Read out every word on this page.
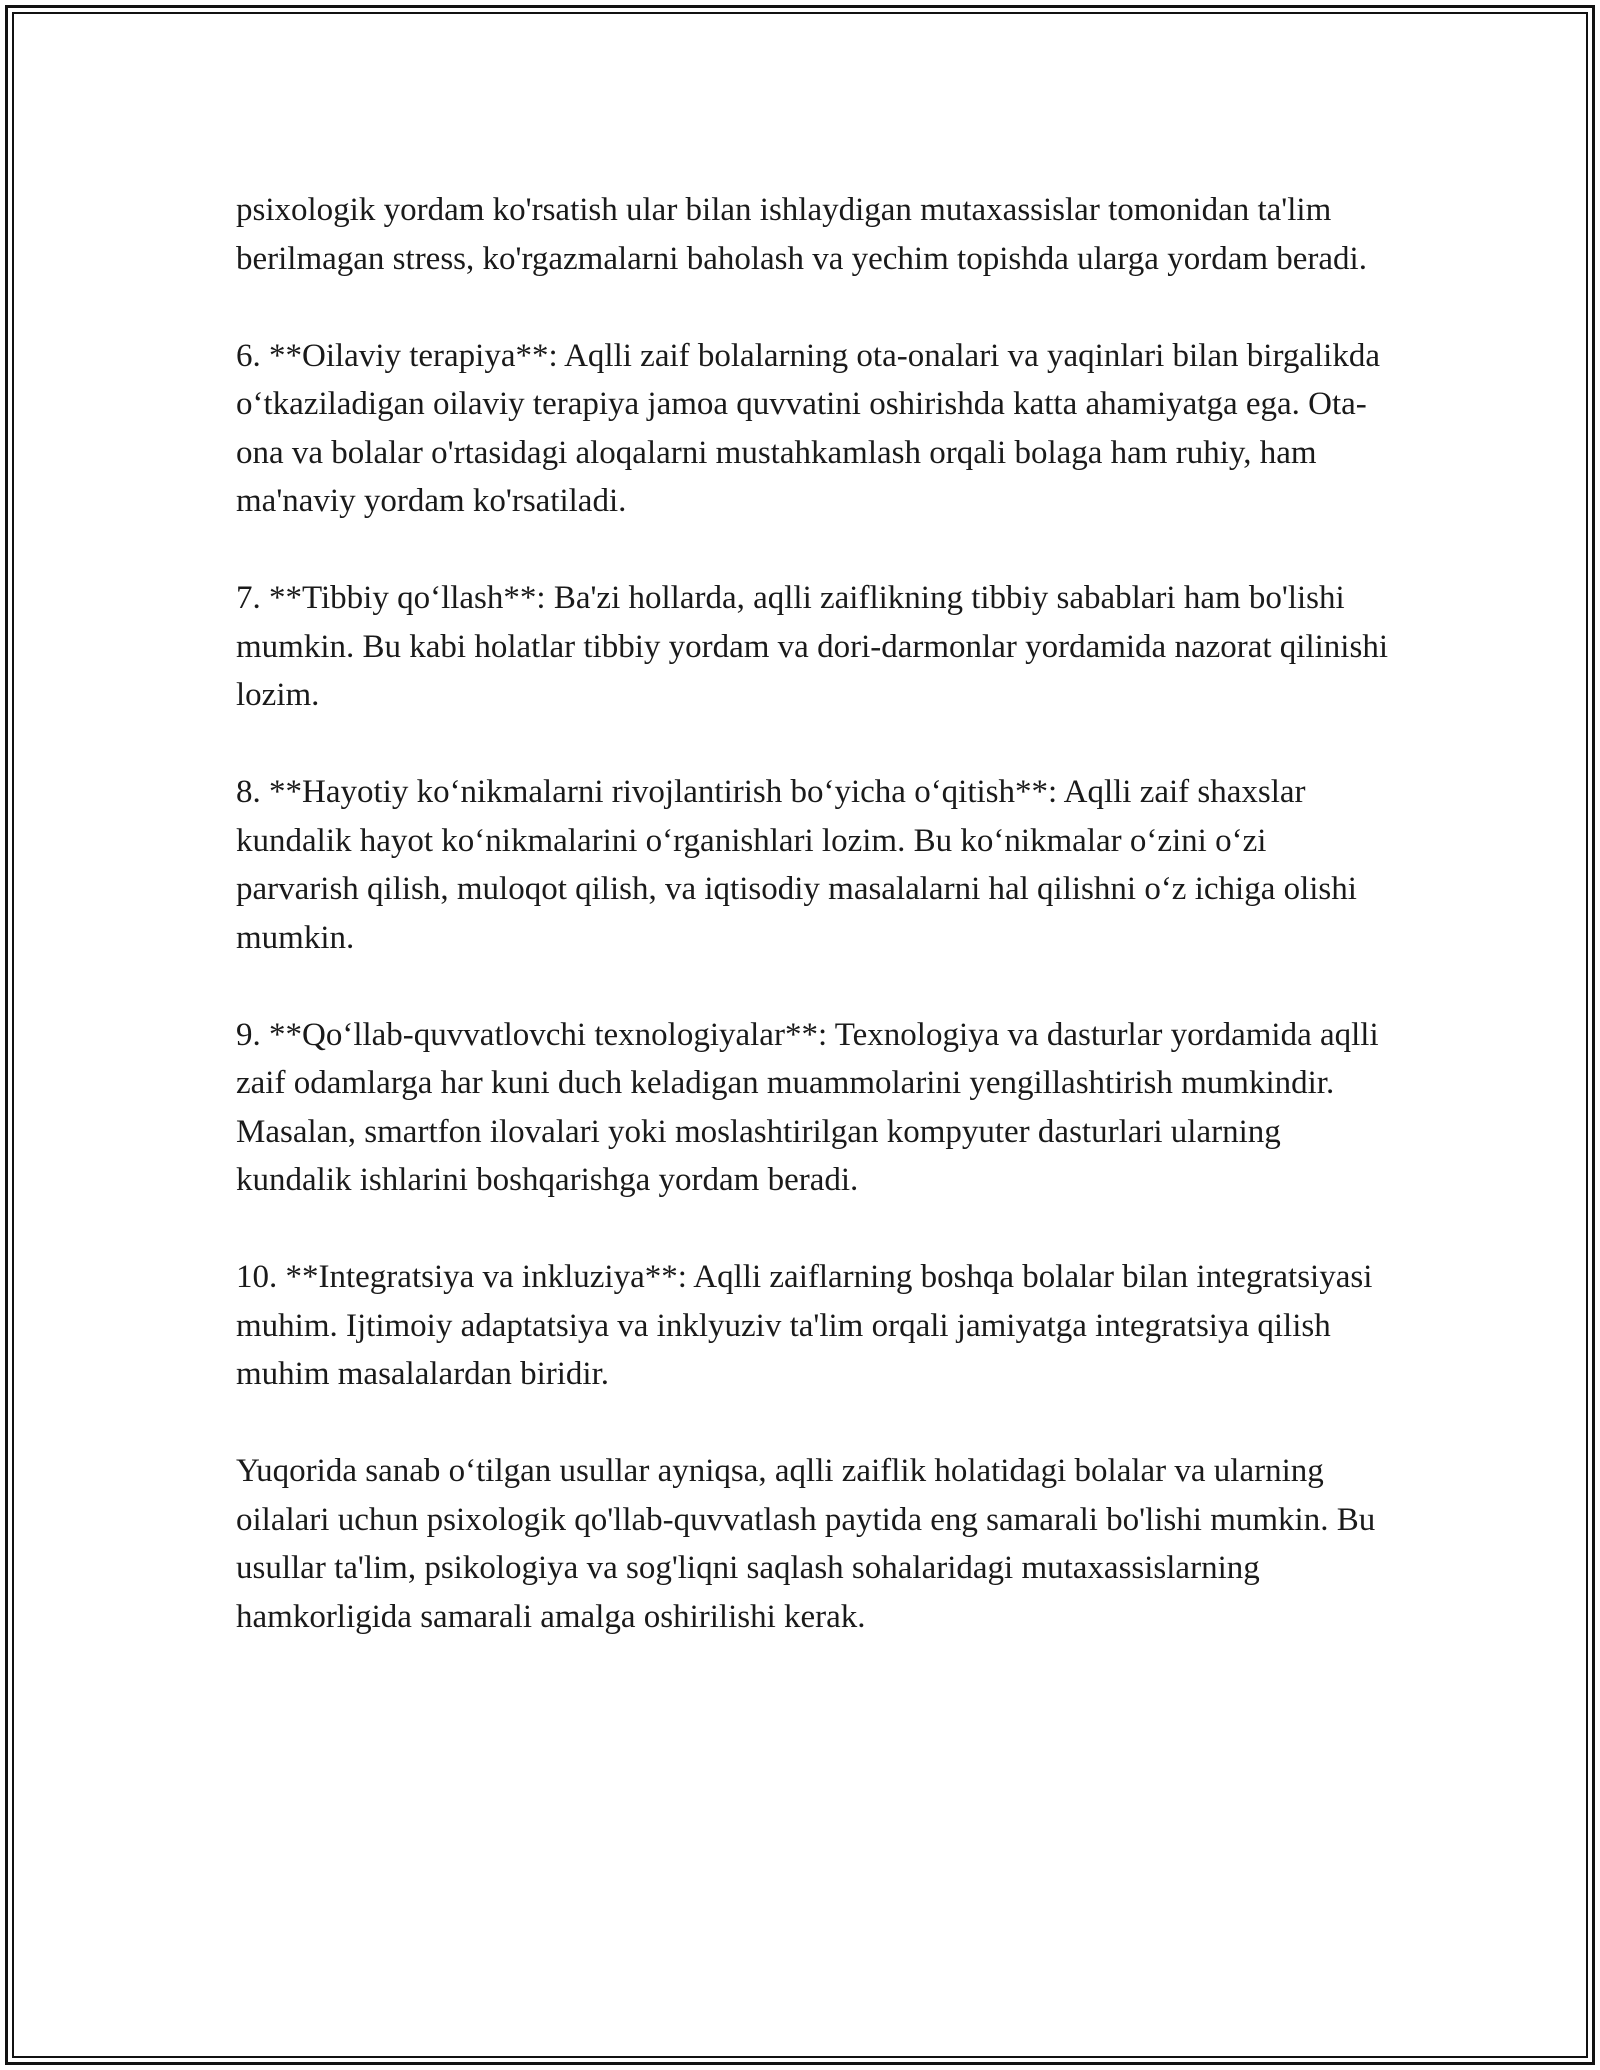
psixologik yordam ko'rsatish ular bilan ishlaydigan mutaxassislar tomonidan ta'lim berilmagan stress, ko'rgazmalarni baholash va yechim topishda ularga yordam beradi.

6. **Oilaviy terapiya**: Aqlli zaif bolalarning ota-onalari va yaqinlari bilan birgalikda o‘tkaziladigan oilaviy terapiya jamoa quvvatini oshirishda katta ahamiyatga ega. Ota-ona va bolalar o'rtasidagi aloqalarni mustahkamlash orqali bolaga ham ruhiy, ham ma'naviy yordam ko'rsatiladi.

7. **Tibbiy qo‘llash**: Ba'zi hollarda, aqlli zaiflikning tibbiy sabablari ham bo'lishi mumkin. Bu kabi holatlar tibbiy yordam va dori-darmonlar yordamida nazorat qilinishi lozim.

8. **Hayotiy ko‘nikmalarni rivojlantirish bo‘yicha o‘qitish**: Aqlli zaif shaxslar kundalik hayot ko‘nikmalarini o‘rganishlari lozim. Bu ko‘nikmalar o‘zini o‘zi parvarish qilish, muloqot qilish, va iqtisodiy masalalarni hal qilishni o‘z ichiga olishi mumkin.

9. **Qo‘llab-quvvatlovchi texnologiyalar**: Texnologiya va dasturlar yordamida aqlli zaif odamlarga har kuni duch keladigan muammolarini yengillashtirish mumkindir. Masalan, smartfon ilovalari yoki moslashtirilgan kompyuter dasturlari ularning kundalik ishlarini boshqarishga yordam beradi.

10. **Integratsiya va inkluziya**: Aqlli zaiflarning boshqa bolalar bilan integratsiyasi muhim. Ijtimoiy adaptatsiya va inklyuziv ta'lim orqali jamiyatga integratsiya qilish muhim masalalardan biridir.

Yuqorida sanab o‘tilgan usullar ayniqsa, aqlli zaiflik holatidagi bolalar va ularning oilalari uchun psixologik qo'llab-quvvatlash paytida eng samarali bo'lishi mumkin. Bu usullar ta'lim, psikologiya va sog'liqni saqlash sohalaridagi mutaxassislarning hamkorligida samarali amalga oshirilishi kerak.
